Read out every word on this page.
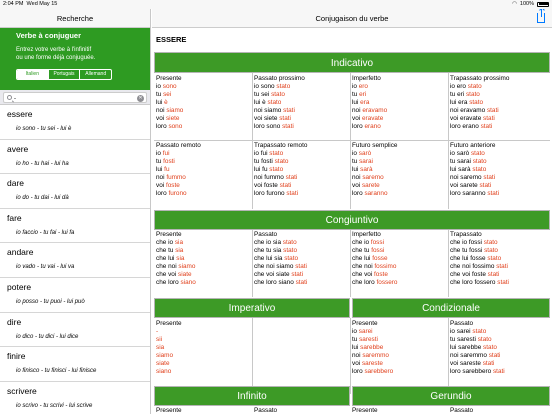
2:04 PM Wed May 15	◠ 100%
Recherche
Verbe à conjuguer
Entrez votre verbe à l'infinitif
ou une forme déjà conjuguée.
Italien	Portugais	Allemand
-
✕
essere
io sono - tu sei - lui è
avere
io ho - tu hai - lui ha
dare
io do - tu dai - lui dà
fare
io faccio - tu fai - lui fa
andare
io vado - tu vai - lui va
potere
io posso - tu puoi - lui può
dire
io dico - tu dici - lui dice
finire
io finisco - tu finisci - lui finisce
scrivere
io scrivo - tu scrivi - lui scrive
Conjugaison du verbe
ESSERE
Indicativo
Presente
io sono
tu sei
lui è
noi siamo
voi siete
loro sono
Passato prossimo
io sono stato
tu sei stato
lui è stato
noi siamo stati
voi siete stati
loro sono stati
Imperfetto
io ero
tu eri
lui era
noi eravamo
voi eravate
loro erano
Trapassato prossimo
io ero stato
tu eri stato
lui era stato
noi eravamo stati
voi eravate stati
loro erano stati
Passato remoto
io fui
tu fosti
lui fu
noi fummo
voi foste
loro furono
Trapassato remoto
io fui stato
tu fosti stato
lui fu stato
noi fummo stati
voi foste stati
loro furono stati
Futuro semplice
io sarò
tu sarai
lui sarà
noi saremo
voi sarete
loro saranno
Futuro anteriore
io sarò stato
tu sarai stato
lui sarà stato
noi saremo stati
voi sarete stati
loro saranno stati
Congiuntivo
Presente
che io sia
che tu sia
che lui sia
che noi siamo
che voi siate
che loro siano
Passato
che io sia stato
che tu sia stato
che lui sia stato
che noi siamo stati
che voi siate stati
che loro siano stati
Imperfetto
che io fossi
che tu fossi
che lui fosse
che noi fossimo
che voi foste
che loro fossero
Trapassato
che io fossi stato
che tu fossi stato
che lui fosse stato
che noi fossimo stati
che voi foste stati
che loro fossero stati
Imperativo	Condizionale
Presente
-
sii
sia
siamo
siate
siano
Presente
io sarei
tu saresti
lui sarebbe
noi saremmo
voi sareste
loro sarebbero
Passato
io sarei stato
tu saresti stato
lui sarebbe stato
noi saremmo stati
voi sareste stati
loro sarebbero stati
Infinito	Gerundio
Presente	Passato	Presente	Passato
